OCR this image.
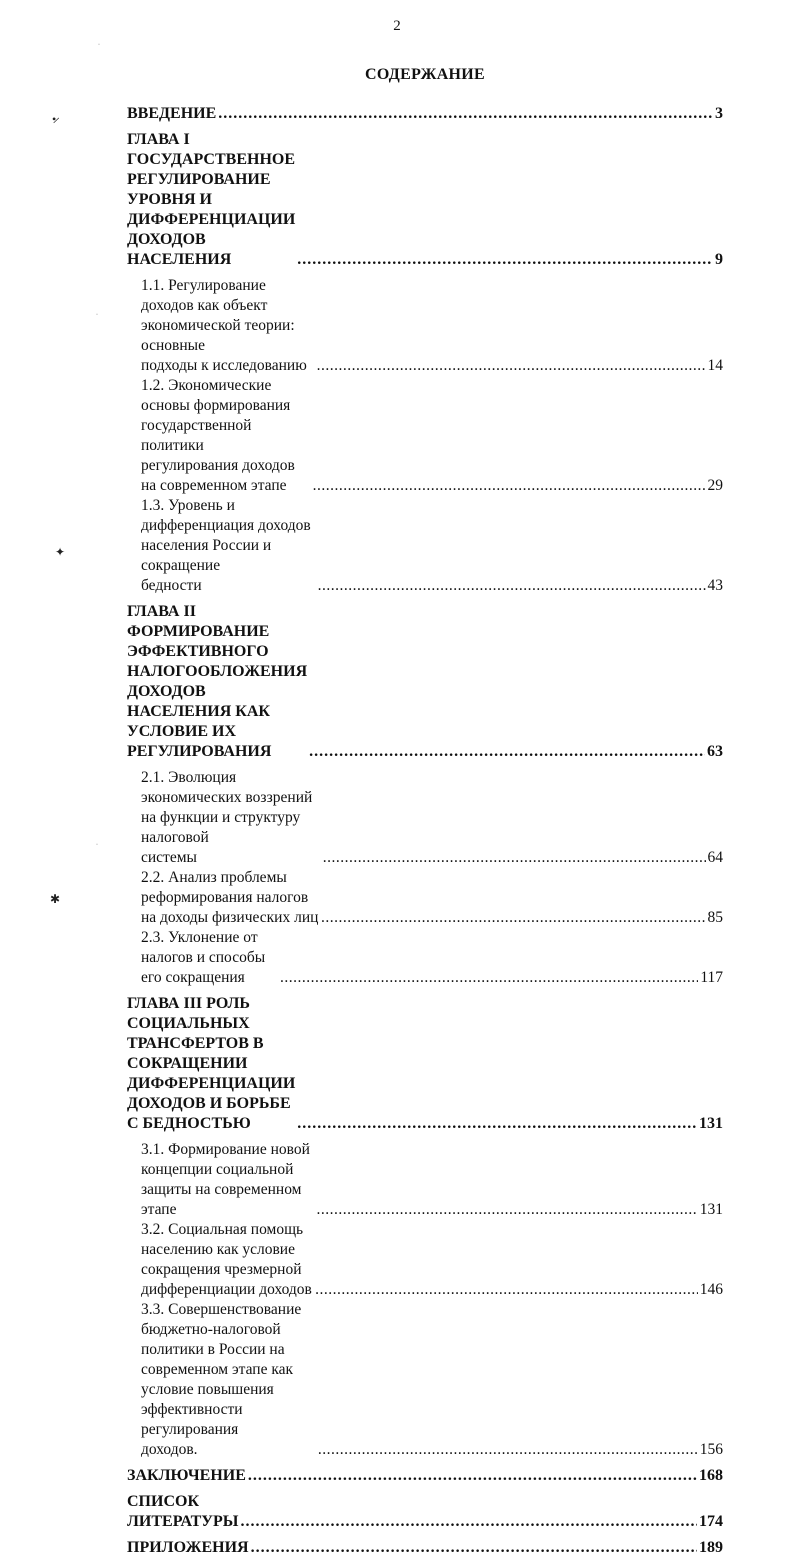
2
СОДЕРЖАНИЕ
ВВЕДЕНИЕ .....	3
ГЛАВА I ГОСУДАРСТВЕННОЕ РЕГУЛИРОВАНИЕ УРОВНЯ И
ДИФФЕРЕНЦИАЦИИ ДОХОДОВ НАСЕЛЕНИЯ .....	9
1.1. Регулирование доходов как объект экономической теории: основные
подходы к исследованию .....	14
1.2. Экономические основы формирования государственной политики
регулирования доходов на современном этапе .....	29
1.3. Уровень и дифференциация доходов населения России и сокращение
бедности .....	43
ГЛАВА II ФОРМИРОВАНИЕ ЭФФЕКТИВНОГО
НАЛОГООБЛОЖЕНИЯ ДОХОДОВ НАСЕЛЕНИЯ КАК УСЛОВИЕ ИХ
РЕГУЛИРОВАНИЯ .....	63
2.1. Эволюция экономических воззрений на функции и структуру налоговой
системы .....	64
2.2. Анализ проблемы реформирования налогов на доходы физических лиц .....	85
2.3. Уклонение от налогов и способы его сокращения .....	117
ГЛАВА III РОЛЬ СОЦИАЛЬНЫХ ТРАНСФЕРТОВ В СОКРАЩЕНИИ
ДИФФЕРЕНЦИАЦИИ ДОХОДОВ И БОРЬБЕ С БЕДНОСТЬЮ .....	131
3.1. Формирование новой концепции социальной защиты на современном
этапе .....	131
3.2. Социальная помощь населению как условие сокращения чрезмерной
дифференциации доходов .....	146
3.3. Совершенствование бюджетно-налоговой политики в России на
современном этапе как условие повышения эффективности регулирования
доходов. .....	156
ЗАКЛЮЧЕНИЕ .....	168
СПИСОК ЛИТЕРАТУРЫ .....	174
ПРИЛОЖЕНИЯ .....	189
•̷
·
·
✦
·
✱
